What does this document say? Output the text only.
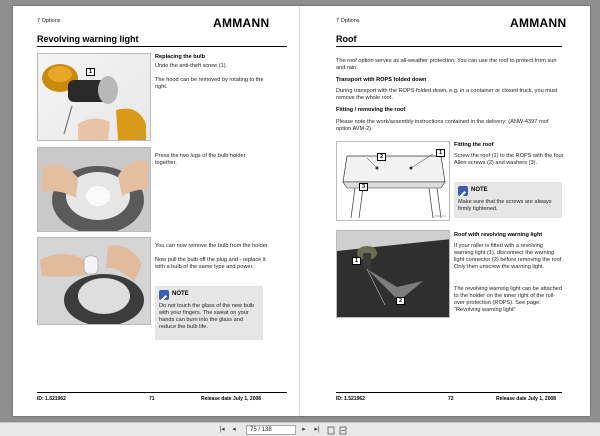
7 Options	AMMANN
Revolving warning light
VSB0001
1
Replacing the bulb
Undo the anti-theft screw (1).
The hood can be removed by rotating to the right.
Press the two lugs of the bulb holder together.
You can now remove the bulb from the holder.
Now pull the bulb off the plug and - replace it with a bulb of the same type and power.
NOTE
Do not touch the glass of the new bulb with your fingers. The sweat on your hands can burn into the glass and reduce the bulb life.
ID: 1.521962	71	Release date July 1, 2008
7 Options	AMMANN
Roof
The roof option serves as all-weather protection. You can use the roof to protect from sun and rain.
Transport with ROPS folded down
During transport with the ROPS folded down, e.g. in a container or closed truck, you must remove the whole roof.
Fitting / removing the roof
Please note the work/assembly instructions contained in the delivery: (ANW-4397 roof option AVM-2).
1
2
3
VSB0001
Fitting the roof
Screw the roof (1) to the ROPS with the four Allen screws (2) and washers (3).
NOTE
Make sure that the screws are always firmly tightened.
1
2
Roof with revolving warning light
If your roller is fitted with a revolving warning light (1), disconnect the warning light connector (2) before removing the roof. Only then unscrew the warning light.
The revolving warning light can be attached to the holder on the inner right of the roll-over protection (ROPS). See page: "Revolving warning light"
ID: 1.521962	72	Release date July 1, 2008
|◂	◂	75 / 138	▸	▸|
